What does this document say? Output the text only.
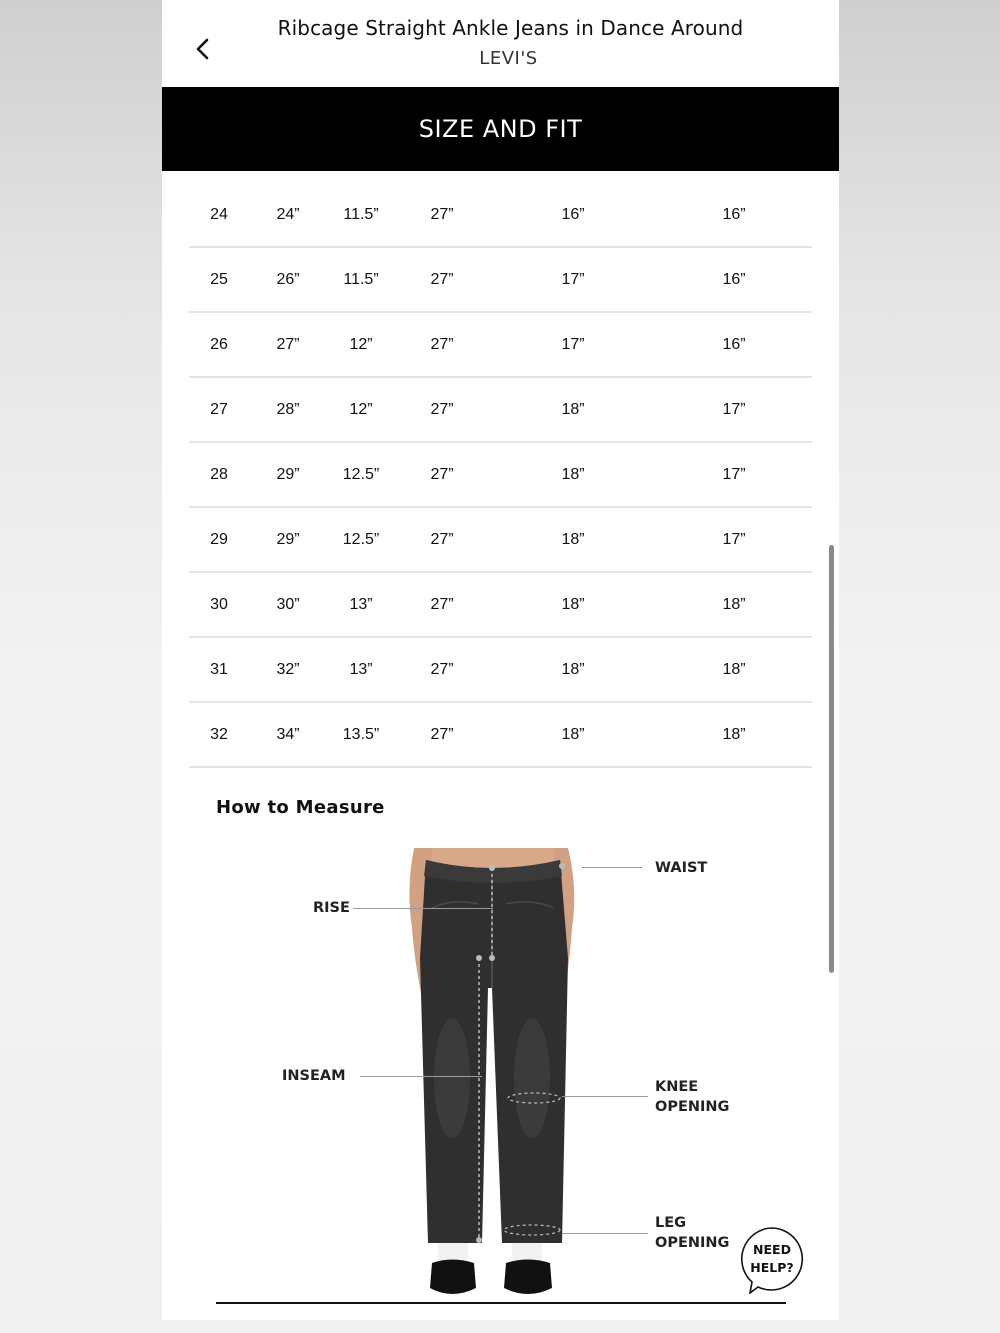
Ribcage Straight Ankle Jeans in Dance Around
LEVI'S
SIZE AND FIT
24	24”	11.5”	27”	16”	16”
25	26”	11.5”	27”	17”	16”
26	27”	12”	27”	17”	16”
27	28”	12”	27”	18”	17”
28	29”	12.5”	27”	18”	17”
29	29”	12.5”	27”	18”	17”
30	30”	13”	27”	18”	18”
31	32”	13”	27”	18”	18”
32	34”	13.5”	27”	18”	18”
How to Measure
WAIST
RISE
INSEAM
KNEE
OPENING
LEG
OPENING	NEED
HELP?
